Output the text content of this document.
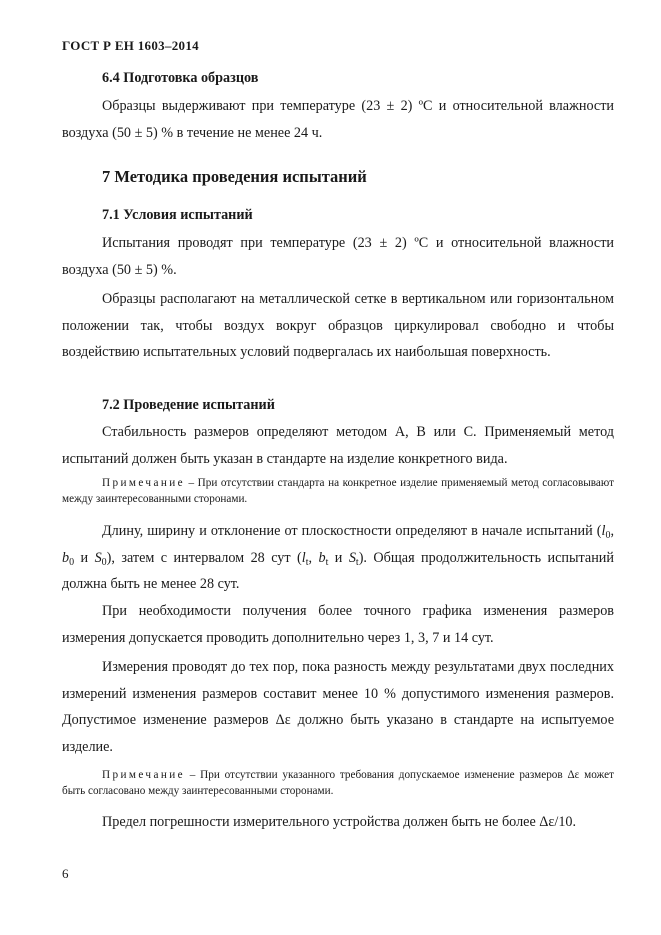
ГОСТ Р ЕН 1603–2014
6.4 Подготовка образцов

Образцы выдерживают при температуре (23 ± 2) ºС и относительной влажности воздуха (50 ± 5) % в течение не менее 24 ч.

7 Методика проведения испытаний
7.1 Условия испытаний

Испытания проводят при температуре (23 ± 2) ºС и относительной влажности воздуха (50 ± 5) %.

Образцы располагают на металлической сетке в вертикальном или горизонтальном положении так, чтобы воздух вокруг образцов циркулировал свободно и чтобы воздействию испытательных условий подвергалась их наибольшая поверхность.

7.2 Проведение испытаний

Стабильность размеров определяют методом А, В или С. Применяемый метод испытаний должен быть указан в стандарте на изделие конкретного вида.

Примечание – При отсутствии стандарта на конкретное изделие применяемый метод согласовывают между заинтересованными сторонами.

Длину, ширину и отклонение от плоскостности определяют в начале испытаний ($l_0$, $b_0$ и $S_0$), затем с интервалом 28 сут ($l_t$, $b_t$ и $S_t$). Общая продолжительность испытаний должна быть не менее 28 сут.

При необходимости получения более точного графика изменения размеров измерения допускается проводить дополнительно через 1, 3, 7 и 14 сут.

Измерения проводят до тех пор, пока разность между результатами двух последних измерений изменения размеров составит менее 10 % допустимого изменения размеров. Допустимое изменение размеров Δε должно быть указано в стандарте на испытуемое изделие.

Примечание – При отсутствии указанного требования допускаемое изменение размеров Δε может быть согласовано между заинтересованными сторонами.

Предел погрешности измерительного устройства должен быть не более Δε/10.

6
